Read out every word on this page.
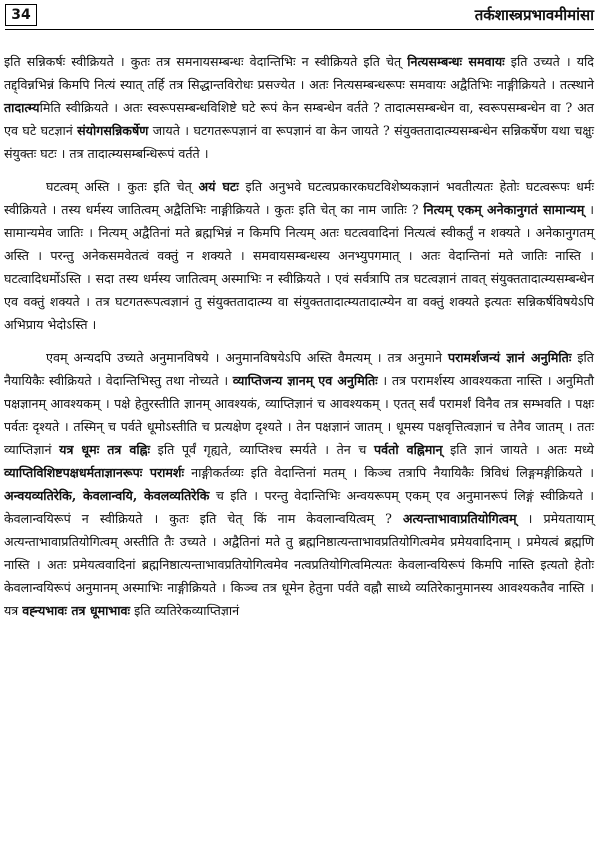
34	तर्कशास्त्रप्रभावमीमांसा

इति सन्निकर्षः स्वीक्रियते । कुतः तत्र समनायसम्बन्धः वेदान्तिभिः न स्वीक्रियते इति चेत् नित्यसम्बन्धः समवायः इति उच्यते । यदि तद्द्विन्नभिन्नं किमपि नित्यं स्यात् तर्हि तत्र सिद्धान्तविरोधः प्रसज्येत । अतः नित्यसम्बन्धरूपः समवायः अद्वैतिभिः नाङ्गीक्रियते । तत्स्थाने तादात्म्यमिति स्वीक्रियते । अतः स्वरूपसम्बन्धविशिष्टे घटे रूपं केन सम्बन्धेन वर्तते ? तादात्मसम्बन्धेन वा, स्वरूपसम्बन्धेन वा ? अत एव घटे घटज्ञानं संयोगसन्निकर्षेण जायते । घटगतरूपज्ञानं वा रूपज्ञानं वा केन जायते ? संयुक्ततादात्म्यसम्बन्धेन सन्निकर्षेण यथा चक्षुः संयुक्तः घटः । तत्र तादात्म्यसम्बन्धिरूपं वर्तते ।

घटत्वम् अस्ति । कुतः इति चेत् अयं घटः इति अनुभवे घटत्वप्रकारकघटविशेष्यकज्ञानं भवतीत्यतः हेतोः घटत्वरूपः धर्मः स्वीक्रियते । तस्य धर्मस्य जातित्वम् अद्वैतिभिः नाङ्गीक्रियते । कुतः इति चेत् का नाम जातिः ? नित्यम् एकम् अनेकानुगतं सामान्यम् । सामान्यमेव जातिः । नित्यम् अद्वैतिनां मते ब्रह्मभिन्नं न किमपि नित्यम् अतः घटत्ववादिनां नित्यत्वं स्वीकर्तुं न शक्यते । अनेकानुगतम् अस्ति । परन्तु अनेकसमवेतत्वं वक्तुं न शक्यते । समवायसम्बन्धस्य अनभ्युपगमात् । अतः वेदान्तिनां मते जातिः नास्ति । घटत्वादिधर्मोऽस्ति । सदा तस्य धर्मस्य जातित्वम् अस्माभिः न स्वीक्रियते । एवं सर्वत्रापि तत्र घटत्वज्ञानं तावत् संयुक्ततादात्म्यसम्बन्धेन एव वक्तुं शक्यते । तत्र घटगतरूपत्वज्ञानं तु संयुक्ततादात्म्य वा संयुक्ततादात्म्यतादात्म्येन वा वक्तुं शक्यते इत्यतः सन्निकर्षविषयेऽपि अभिप्राय भेदोऽस्ति ।

एवम् अन्यदपि उच्यते अनुमानविषये । अनुमानविषयेऽपि अस्ति वैमत्यम् । तत्र अनुमाने परामर्शजन्यं ज्ञानं अनुमितिः इति नैयायिकैः स्वीक्रियते । वेदान्तिभिस्तु तथा नोच्यते । व्याप्तिजन्य ज्ञानम् एव अनुमितिः । तत्र परामर्शस्य आवश्यकता नास्ति । अनुमितौ पक्षज्ञानम् आवश्यकम् । पक्षे हेतुरस्तीति ज्ञानम् आवश्यकं, व्याप्तिज्ञानं च आवश्यकम् । एतत् सर्वं परामर्शं विनैव तत्र सम्भवति । पक्षः पर्वतः दृश्यते । तस्मिन् च पर्वते धूमोऽस्तीति च प्रत्यक्षेण दृश्यते । तेन पक्षज्ञानं जातम् । धूमस्य पक्षवृत्तित्वज्ञानं च तेनैव जातम् । ततः व्याप्तिज्ञानं यत्र धूमः तत्र वह्निः इति पूर्वं गृह्यते, व्याप्तिश्च स्मर्यते । तेन च पर्वतो वह्निमान् इति ज्ञानं जायते । अतः मध्ये व्याप्तिविशिष्टपक्षधर्मताज्ञानरूपः परामर्शः नाङ्गीकर्तव्यः इति वेदान्तिनां मतम् । किञ्च तत्रापि नैयायिकैः त्रिविधं लिङ्गमङ्गीक्रियते । अन्वयव्यतिरेकि, केवलान्वयि, केवलव्यतिरेकि च इति । परन्तु वेदान्तिभिः अन्वयरूपम् एकम् एव अनुमानरूपं लिङ्गं स्वीक्रियते । केवलान्वयिरूपं न स्वीक्रियते । कुतः इति चेत् किं नाम केवलान्वयित्वम् ? अत्यन्ताभावाप्रतियोगित्वम् । प्रमेयतायाम् अत्यन्ताभावाप्रतियोगित्वम् अस्तीति तैः उच्यते । अद्वैतिनां मते तु ब्रह्मनिष्ठात्यन्ताभावप्रतियोगित्वमेव प्रमेयवादिनाम् । प्रमेयत्वं ब्रह्मणि नास्ति । अतः प्रमेयत्ववादिनां ब्रह्मनिष्ठात्यन्ताभावप्रतियोगित्वमेव नत्वप्रतियोगित्वमित्यतः केवलान्वयिरूपं किमपि नास्ति इत्यतो हेतोः केवलान्वयिरूपं अनुमानम् अस्माभिः नाङ्गीक्रियते । किञ्च तत्र धूमेन हेतुना पर्वते वह्नौ साध्ये व्यतिरेकानुमानस्य आवश्यकतैव नास्ति । यत्र वह्न्यभावः तत्र धूमाभावः इति व्यतिरेकव्याप्तिज्ञानं
